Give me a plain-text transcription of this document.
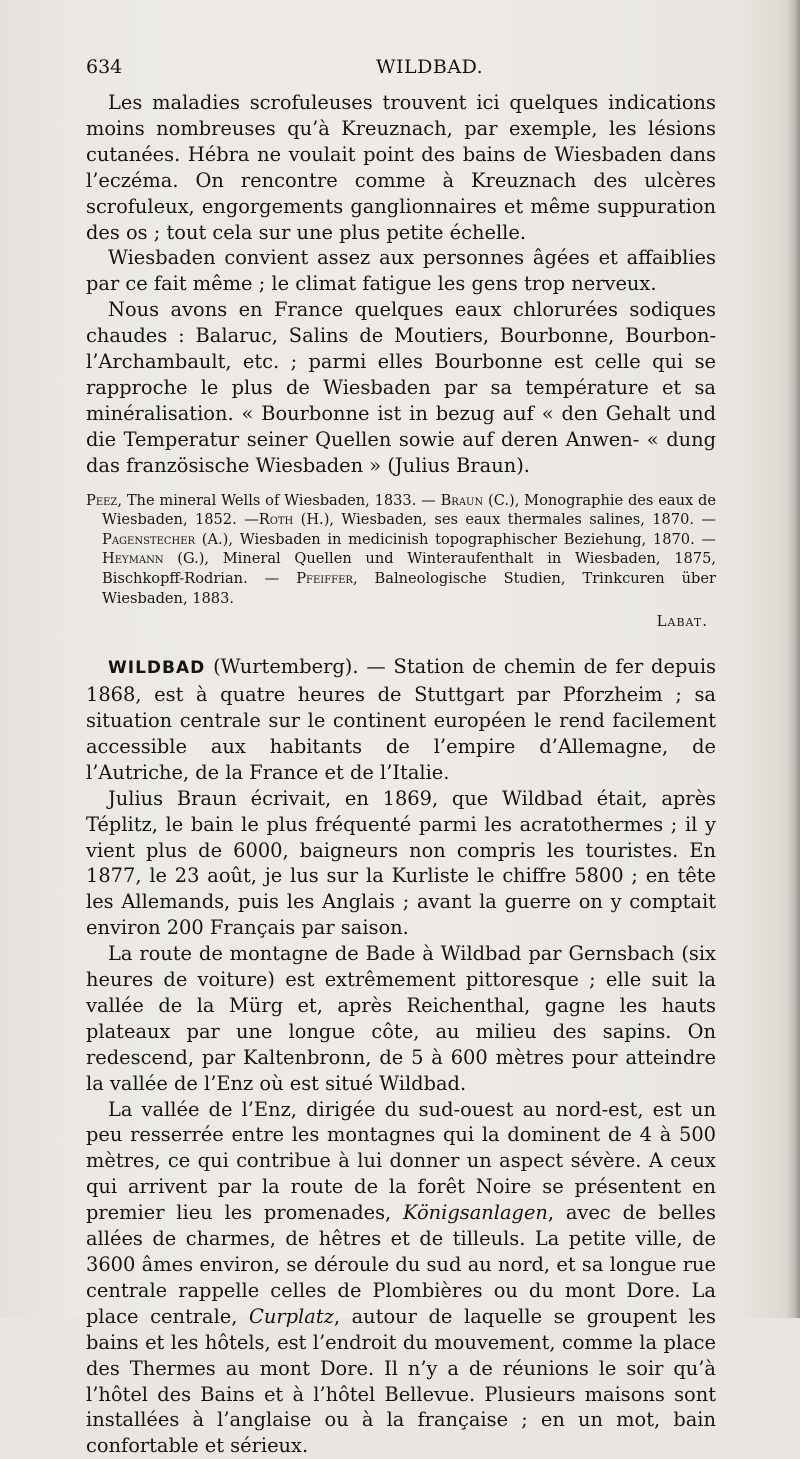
634	WILDBAD.

Les maladies scrofuleuses trouvent ici quelques indications moins nombreuses qu’à Kreuznach, par exemple, les lésions cutanées. Hébra ne voulait point des bains de Wiesbaden dans l’eczéma. On rencontre comme à Kreuznach des ulcères scrofuleux, engorgements ganglionnaires et même suppuration des os ; tout cela sur une plus petite échelle.

Wiesbaden convient assez aux personnes âgées et affaiblies par ce fait même ; le climat fatigue les gens trop nerveux.

Nous avons en France quelques eaux chlorurées sodiques chaudes : Balaruc, Salins de Moutiers, Bourbonne, Bourbon-l’Archambault, etc. ; parmi elles Bourbonne est celle qui se rapproche le plus de Wiesbaden par sa température et sa minéralisation. « Bourbonne ist in bezug auf « den Gehalt und die Temperatur seiner Quellen sowie auf deren Anwen- « dung das französische Wiesbaden » (Julius Braun).

Peez, The mineral Wells of Wiesbaden, 1833. — Braun (C.), Monographie des eaux de Wiesbaden, 1852. —Roth (H.), Wiesbaden, ses eaux thermales salines, 1870. — Pagenstecher (A.), Wiesbaden in medicinish topographischer Beziehung, 1870. — Heymann (G.), Mineral Quellen und Winteraufenthalt in Wiesbaden, 1875, Bischkopff-Rodrian. — Pfeiffer, Balneologische Studien, Trinkcuren über Wiesbaden, 1883.

Labat.

WILDBAD (Wurtemberg). — Station de chemin de fer depuis 1868, est à quatre heures de Stuttgart par Pforzheim ; sa situation centrale sur le continent européen le rend facilement accessible aux habitants de l’empire d’Allemagne, de l’Autriche, de la France et de l’Italie.

Julius Braun écrivait, en 1869, que Wildbad était, après Téplitz, le bain le plus fréquenté parmi les acratothermes ; il y vient plus de 6000, baigneurs non compris les touristes. En 1877, le 23 août, je lus sur la Kurliste le chiffre 5800 ; en tête les Allemands, puis les Anglais ; avant la guerre on y comptait environ 200 Français par saison.

La route de montagne de Bade à Wildbad par Gernsbach (six heures de voiture) est extrêmement pittoresque ; elle suit la vallée de la Mürg et, après Reichenthal, gagne les hauts plateaux par une longue côte, au milieu des sapins. On redescend, par Kaltenbronn, de 5 à 600 mètres pour atteindre la vallée de l’Enz où est situé Wildbad.

La vallée de l’Enz, dirigée du sud-ouest au nord-est, est un peu resserrée entre les montagnes qui la dominent de 4 à 500 mètres, ce qui contribue à lui donner un aspect sévère. A ceux qui arrivent par la route de la forêt Noire se présentent en premier lieu les promenades, Königsanlagen, avec de belles allées de charmes, de hêtres et de tilleuls. La petite ville, de 3600 âmes environ, se déroule du sud au nord, et sa longue rue centrale rappelle celles de Plombières ou du mont Dore. La place centrale, Curplatz, autour de laquelle se groupent les bains et les hôtels, est l’endroit du mouvement, comme la place des Thermes au mont Dore. Il n’y a de réunions le soir qu’à l’hôtel des Bains et à l’hôtel Bellevue. Plusieurs maisons sont installées à l’anglaise ou à la française ; en un mot, bain confortable et sérieux.
